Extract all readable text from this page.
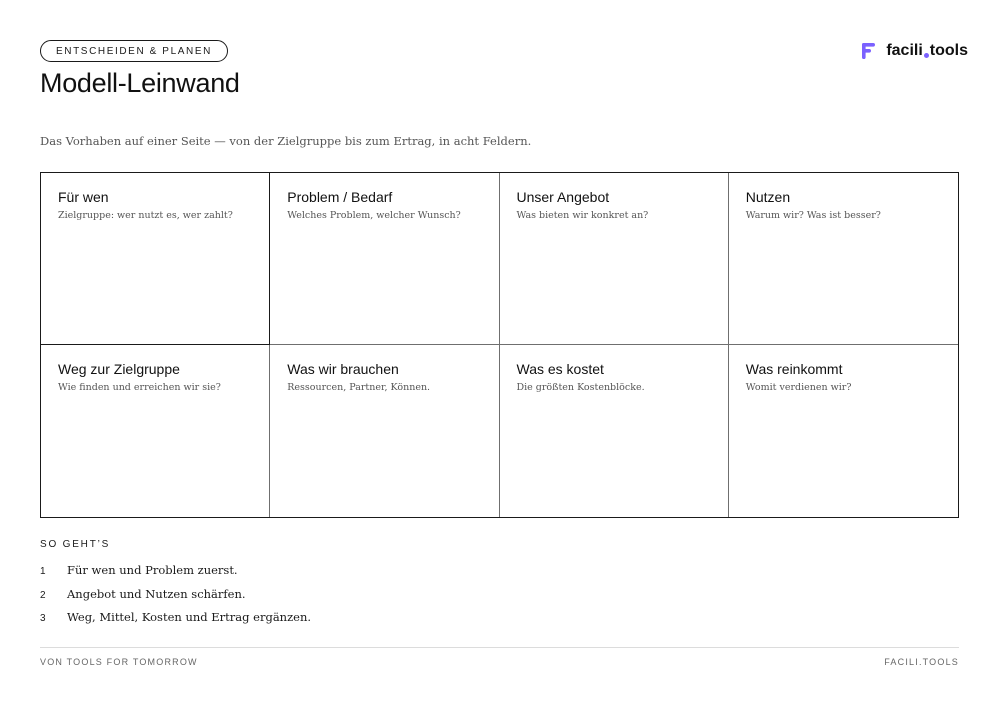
ENTSCHEIDEN & PLANEN
Modell-Leinwand
facili tools
Das Vorhaben auf einer Seite — von der Zielgruppe bis zum Ertrag, in acht Feldern.
Für wen
Zielgruppe: wer nutzt es, wer zahlt?
Problem / Bedarf
Welches Problem, welcher Wunsch?
Unser Angebot
Was bieten wir konkret an?
Nutzen
Warum wir? Was ist besser?
Weg zur Zielgruppe
Wie finden und erreichen wir sie?
Was wir brauchen
Ressourcen, Partner, Können.
Was es kostet
Die größten Kostenblöcke.
Was reinkommt
Womit verdienen wir?
SO GEHT’S
1	Für wen und Problem zuerst.
2	Angebot und Nutzen schärfen.
3	Weg, Mittel, Kosten und Ertrag ergänzen.
VON TOOLS FOR TOMORROW	FACILI.TOOLS
